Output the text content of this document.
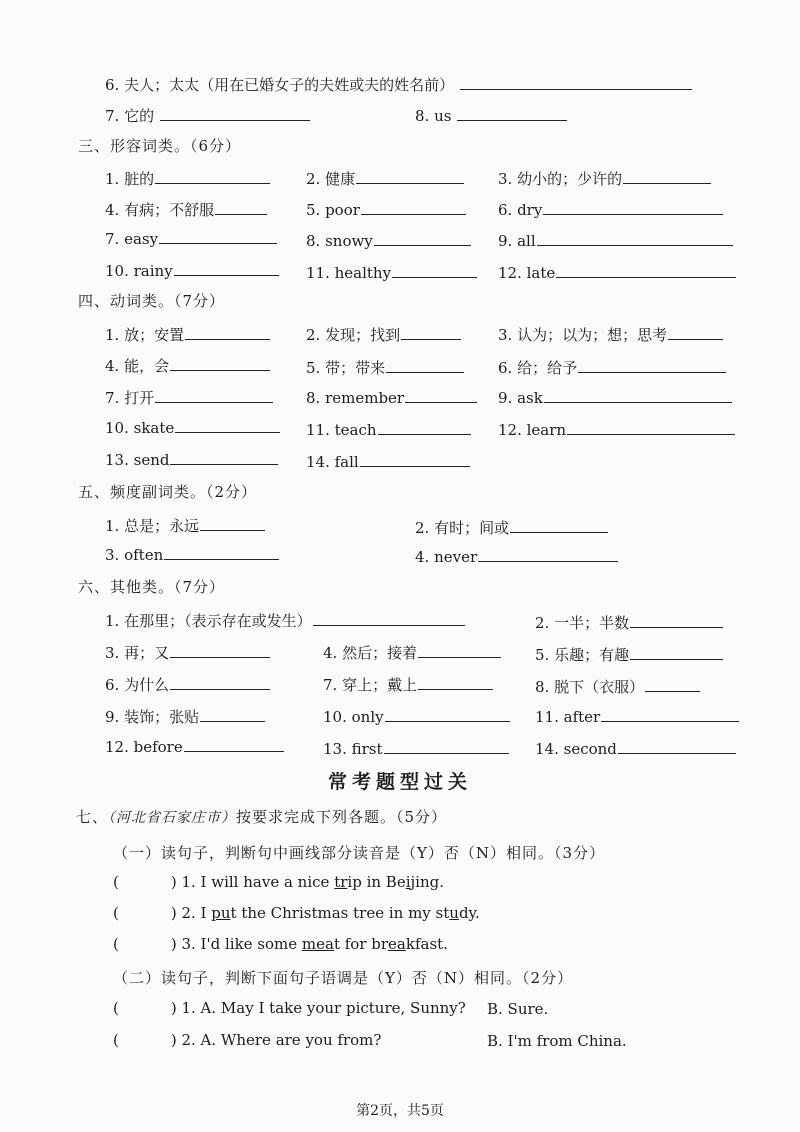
6. 夫人；太太（用在已婚女子的夫姓或夫的姓名前）
7. 它的	8. us
三、形容词类。（6分）
1. 脏的	2. 健康	3. 幼小的；少许的
4. 有病；不舒服	5. poor	6. dry
7. easy	8. snowy	9. all
10. rainy	11. healthy	12. late
四、动词类。（7分）
1. 放；安置	2. 发现；找到	3. 认为；以为；想；思考
4. 能，会	5. 带；带来	6. 给；给予
7. 打开	8. remember	9. ask
10. skate	11. teach	12. learn
13. send	14. fall
五、频度副词类。（2分）
1. 总是；永远	2. 有时；间或
3. often	4. never
六、其他类。（7分）
1. 在那里；（表示存在或发生）	2. 一半；半数
3. 再；又	4. 然后；接着	5. 乐趣；有趣
6. 为什么	7. 穿上；戴上	8. 脱下（衣服）
9. 装饰；张贴	10. only	11. after
12. before	13. first	14. second
常考题型过关
七、（河北省石家庄市）按要求完成下列各题。（5分）
（一）读句子，判断句中画线部分读音是（Y）否（N）相同。（3分）
(	) 1. I will have a nice trip in Beijing.
(	) 2. I put the Christmas tree in my study.
(	) 3. I'd like some meat for breakfast.
（二）读句子，判断下面句子语调是（Y）否（N）相同。（2分）
(	) 1. A. May I take your picture, Sunny? B. Sure.
(	) 2. A. Where are you from?	B. I'm from China.
第2页，共5页
